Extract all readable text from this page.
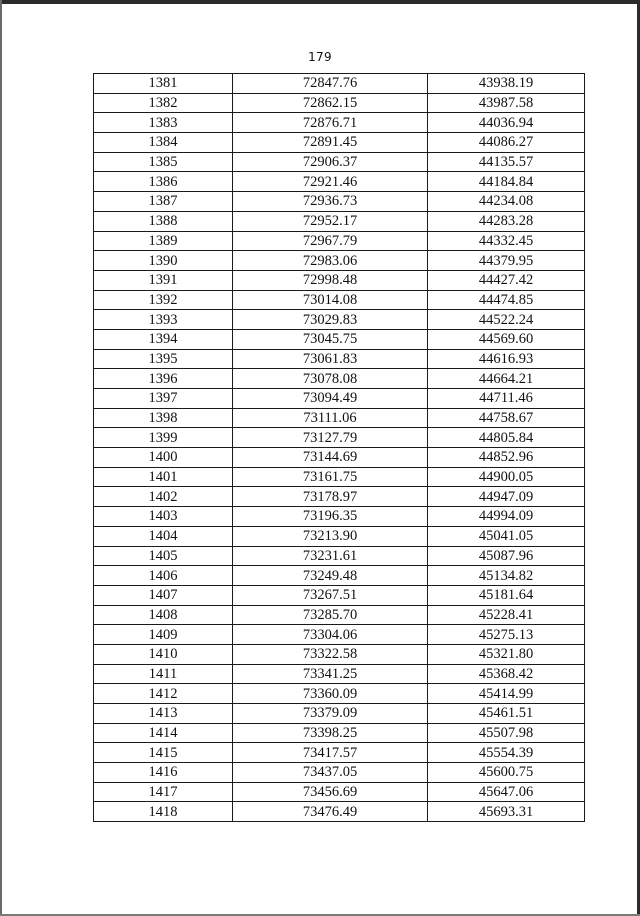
179
1381	72847.76	43938.19
1382	72862.15	43987.58
1383	72876.71	44036.94
1384	72891.45	44086.27
1385	72906.37	44135.57
1386	72921.46	44184.84
1387	72936.73	44234.08
1388	72952.17	44283.28
1389	72967.79	44332.45
1390	72983.06	44379.95
1391	72998.48	44427.42
1392	73014.08	44474.85
1393	73029.83	44522.24
1394	73045.75	44569.60
1395	73061.83	44616.93
1396	73078.08	44664.21
1397	73094.49	44711.46
1398	73111.06	44758.67
1399	73127.79	44805.84
1400	73144.69	44852.96
1401	73161.75	44900.05
1402	73178.97	44947.09
1403	73196.35	44994.09
1404	73213.90	45041.05
1405	73231.61	45087.96
1406	73249.48	45134.82
1407	73267.51	45181.64
1408	73285.70	45228.41
1409	73304.06	45275.13
1410	73322.58	45321.80
1411	73341.25	45368.42
1412	73360.09	45414.99
1413	73379.09	45461.51
1414	73398.25	45507.98
1415	73417.57	45554.39
1416	73437.05	45600.75
1417	73456.69	45647.06
1418	73476.49	45693.31
